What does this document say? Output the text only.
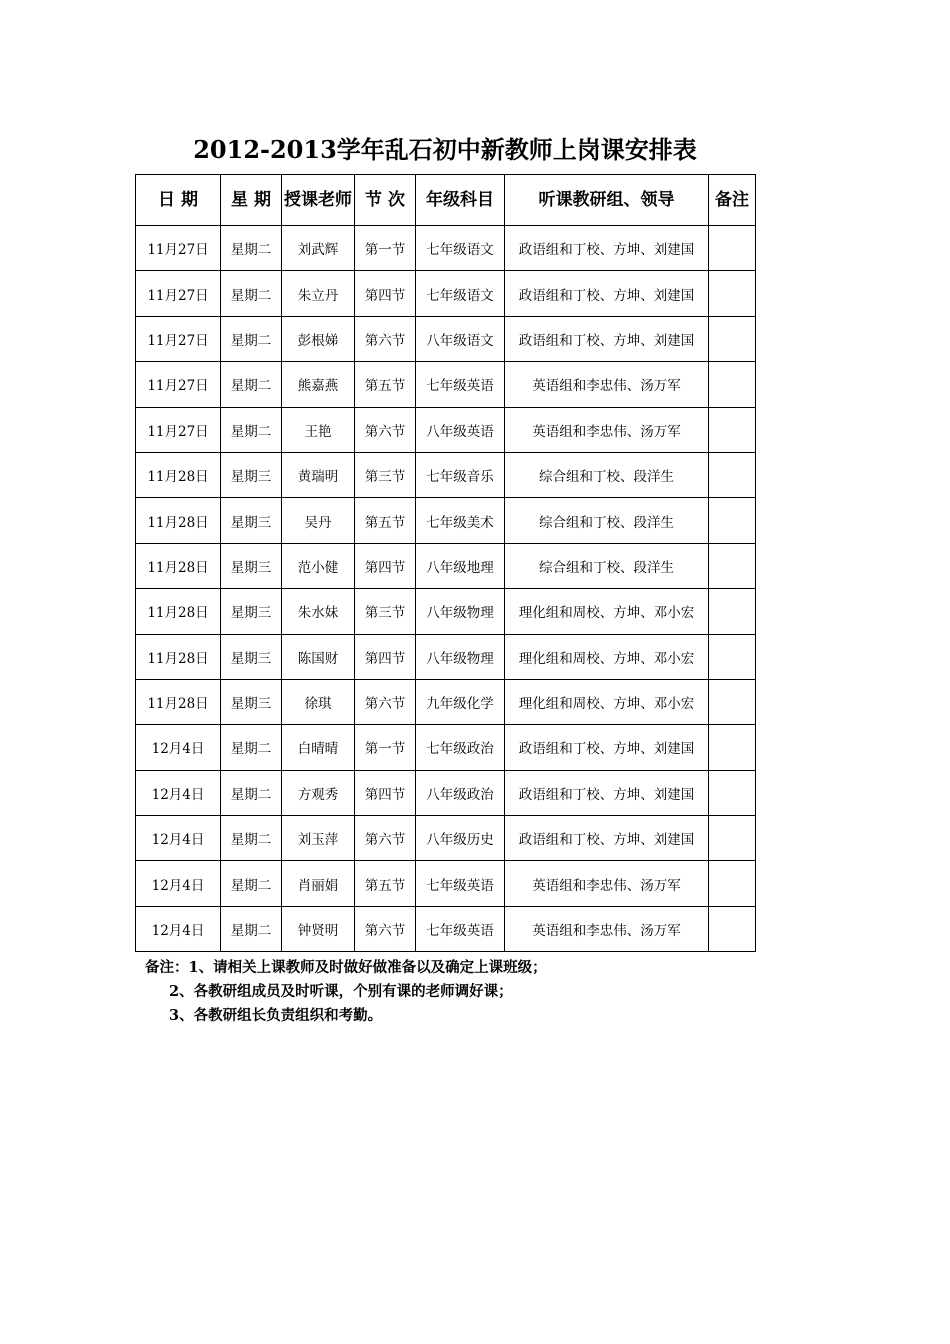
2012-2013学年乱石初中新教师上岗课安排表
日 期	星 期	授课老师	节 次	年级科目	听课教研组、领导	备注
11月27日	星期二	刘武辉	第一节	七年级语文	政语组和丁校、方坤、刘建国	
11月27日	星期二	朱立丹	第四节	七年级语文	政语组和丁校、方坤、刘建国	
11月27日	星期二	彭根娣	第六节	八年级语文	政语组和丁校、方坤、刘建国	
11月27日	星期二	熊嘉燕	第五节	七年级英语	英语组和李忠伟、汤万军	
11月27日	星期二	王艳	第六节	八年级英语	英语组和李忠伟、汤万军	
11月28日	星期三	黄瑞明	第三节	七年级音乐	综合组和丁校、段洋生	
11月28日	星期三	吴丹	第五节	七年级美术	综合组和丁校、段洋生	
11月28日	星期三	范小健	第四节	八年级地理	综合组和丁校、段洋生	
11月28日	星期三	朱水妹	第三节	八年级物理	理化组和周校、方坤、邓小宏	
11月28日	星期三	陈国财	第四节	八年级物理	理化组和周校、方坤、邓小宏	
11月28日	星期三	徐琪	第六节	九年级化学	理化组和周校、方坤、邓小宏	
12月4日	星期二	白晴晴	第一节	七年级政治	政语组和丁校、方坤、刘建国	
12月4日	星期二	方观秀	第四节	八年级政治	政语组和丁校、方坤、刘建国	
12月4日	星期二	刘玉萍	第六节	八年级历史	政语组和丁校、方坤、刘建国	
12月4日	星期二	肖丽娟	第五节	七年级英语	英语组和李忠伟、汤万军	
12月4日	星期二	钟贤明	第六节	七年级英语	英语组和李忠伟、汤万军	
备注：1、请相关上课教师及时做好做准备以及确定上课班级；
2、各教研组成员及时听课，个别有课的老师调好课；
3、各教研组长负责组织和考勤。
